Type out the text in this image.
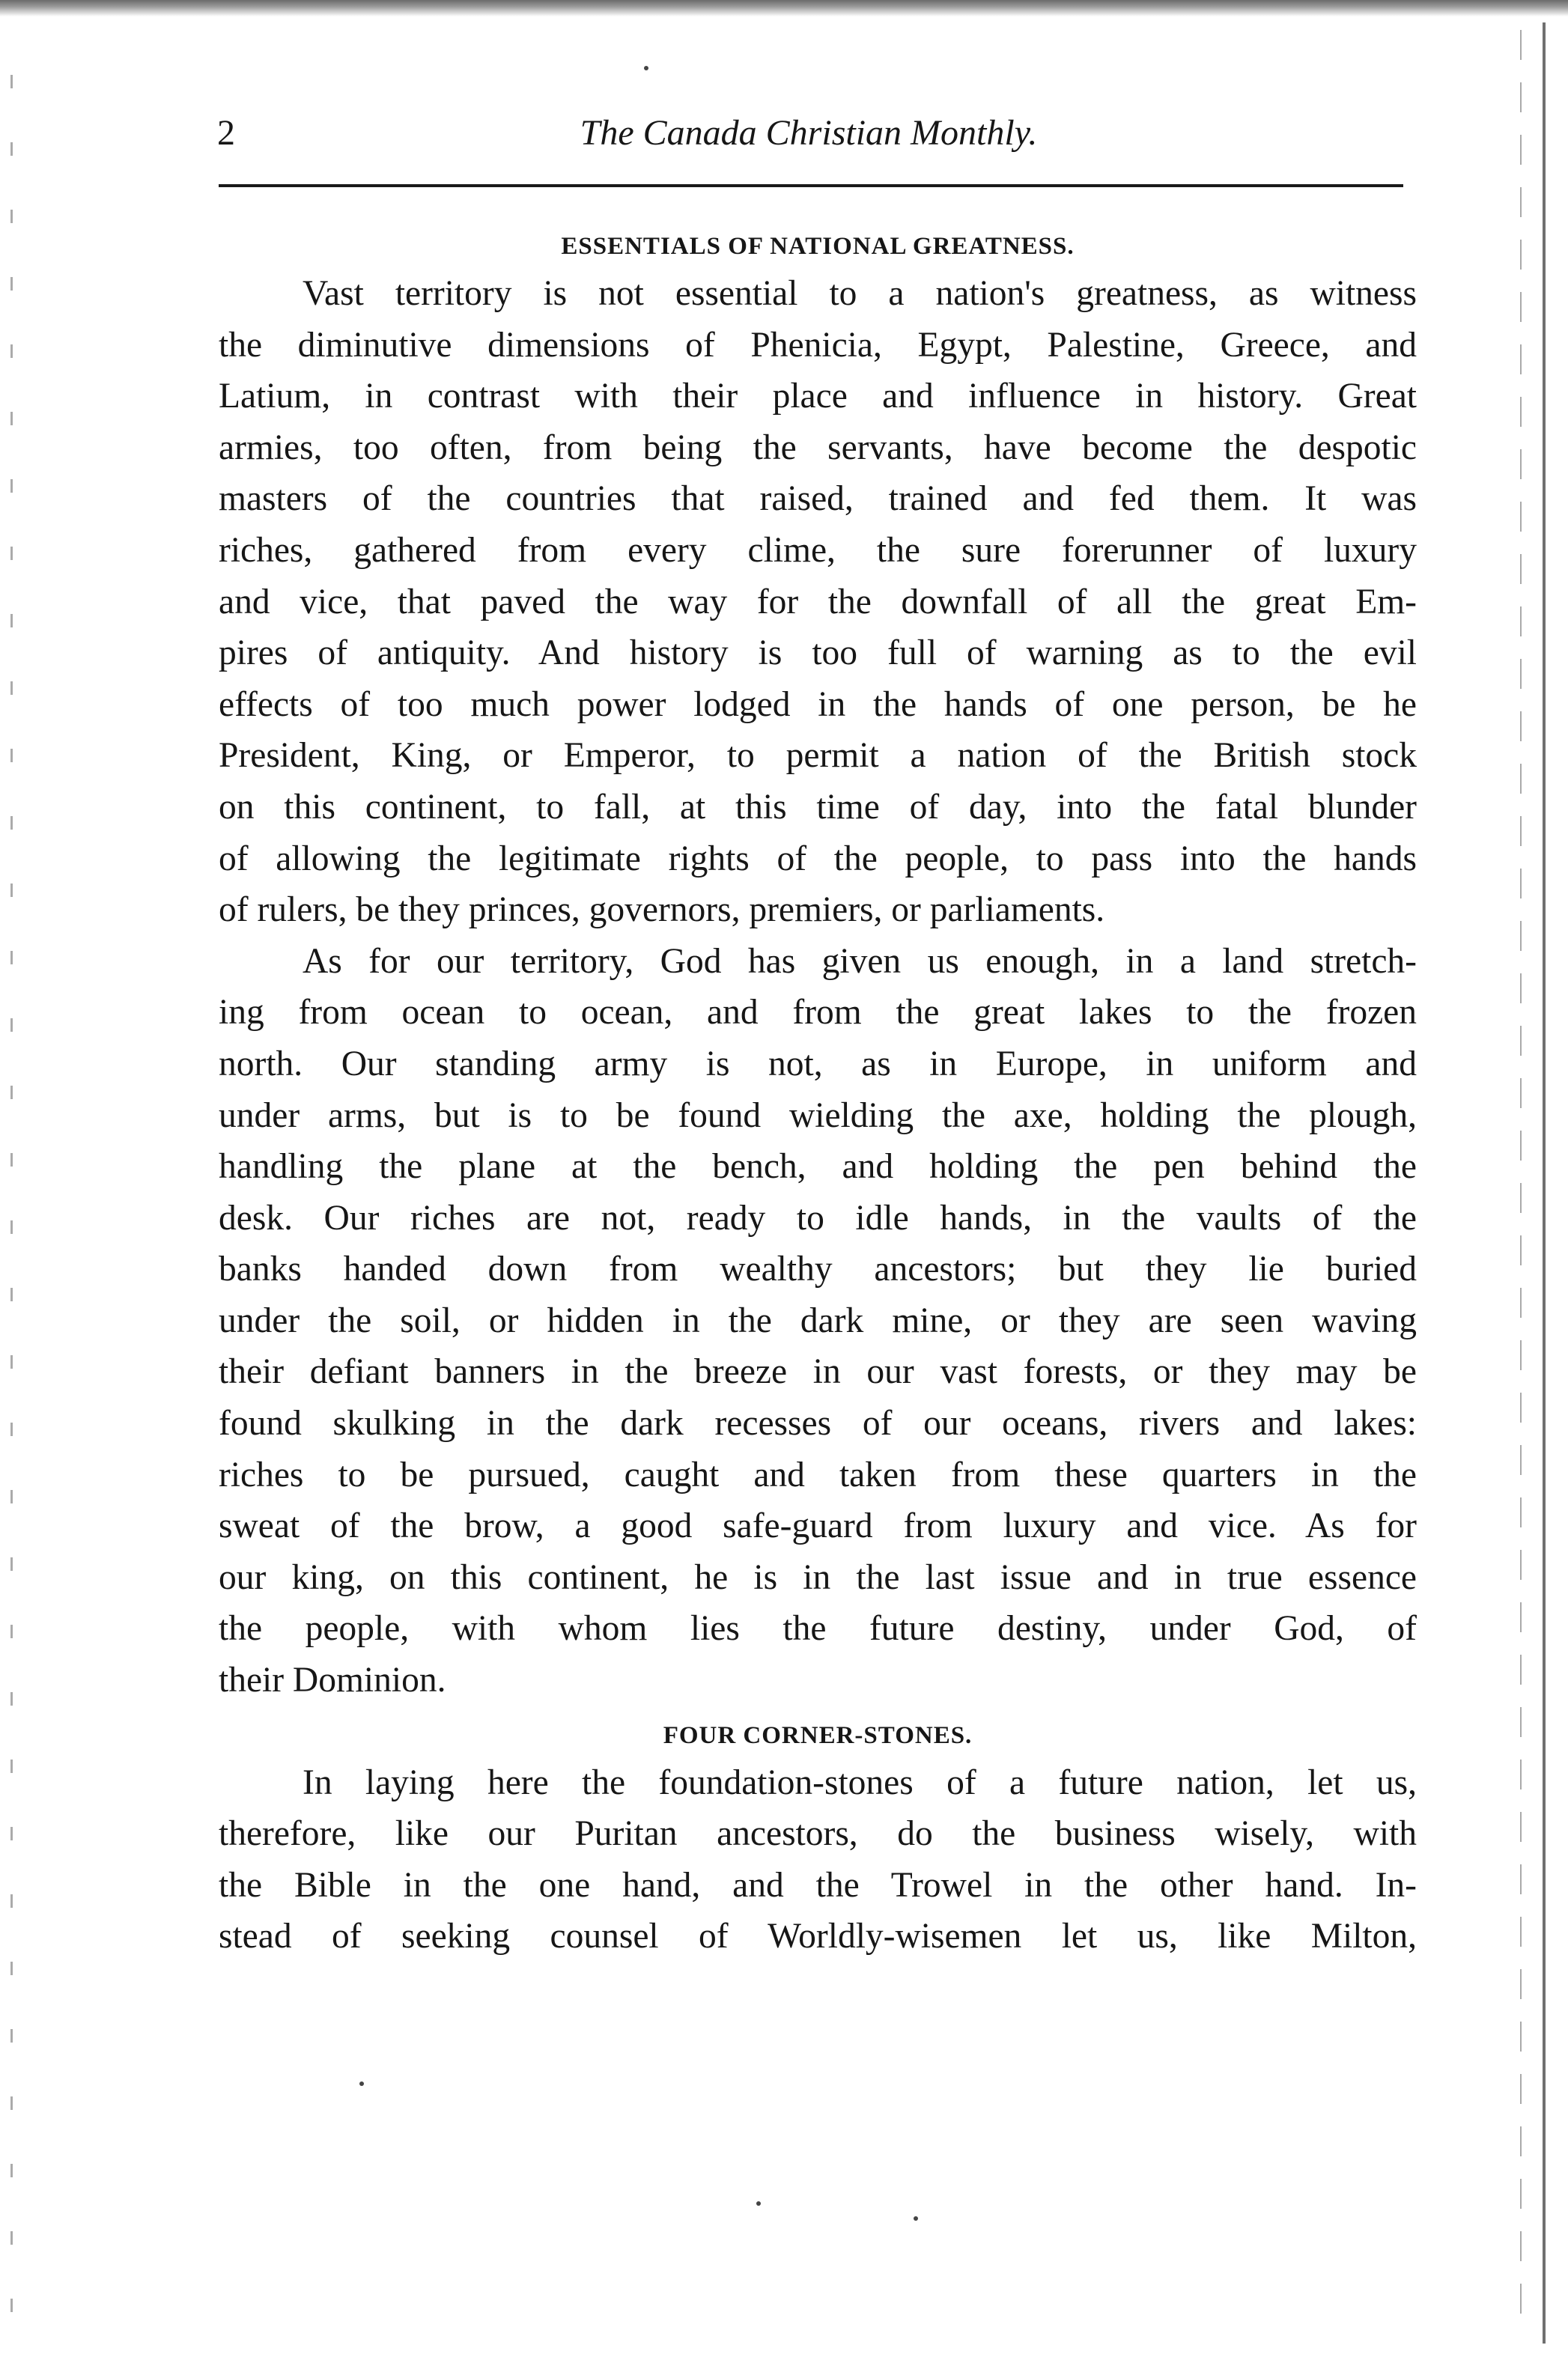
2	The Canada Christian Monthly.
ESSENTIALS OF NATIONAL GREATNESS.

Vast territory is not essential to a nation's greatness, as witness
the diminutive dimensions of Phenicia, Egypt, Palestine, Greece, and
Latium, in contrast with their place and influence in history. Great
armies, too often, from being the servants, have become the despotic
masters of the countries that raised, trained and fed them. It was
riches, gathered from every clime, the sure forerunner of luxury
and vice, that paved the way for the downfall of all the great Em-
pires of antiquity. And history is too full of warning as to the evil
effects of too much power lodged in the hands of one person, be he
President, King, or Emperor, to permit a nation of the British stock
on this continent, to fall, at this time of day, into the fatal blunder
of allowing the legitimate rights of the people, to pass into the hands
of rulers, be they princes, governors, premiers, or parliaments.

As for our territory, God has given us enough, in a land stretch-
ing from ocean to ocean, and from the great lakes to the frozen
north. Our standing army is not, as in Europe, in uniform and
under arms, but is to be found wielding the axe, holding the plough,
handling the plane at the bench, and holding the pen behind the
desk. Our riches are not, ready to idle hands, in the vaults of the
banks handed down from wealthy ancestors; but they lie buried
under the soil, or hidden in the dark mine, or they are seen waving
their defiant banners in the breeze in our vast forests, or they may be
found skulking in the dark recesses of our oceans, rivers and lakes:
riches to be pursued, caught and taken from these quarters in the
sweat of the brow, a good safe-guard from luxury and vice. As for
our king, on this continent, he is in the last issue and in true essence
the people, with whom lies the future destiny, under God, of
their Dominion.

FOUR CORNER-STONES.

In laying here the foundation-stones of a future nation, let us,
therefore, like our Puritan ancestors, do the business wisely, with
the Bible in the one hand, and the Trowel in the other hand. In-
stead of seeking counsel of Worldly-wisemen let us, like Milton,
